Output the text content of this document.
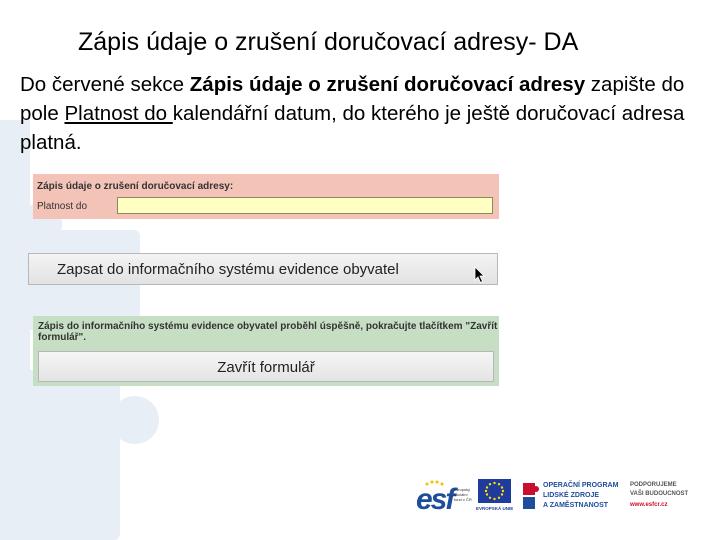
Zápis údaje o zrušení doručovací adresy- DA
Do červené sekce Zápis údaje o zrušení doručovací adresy zapište do pole Platnost do kalendářní datum, do kterého je ještě doručovací adresa platná.
Zápis údaje o zrušení doručovací adresy:
Platnost do
Zapsat do informačního systému evidence obyvatel
Zápis do informačního systému evidence obyvatel proběhl úspěšně, pokračujte tlačítkem "Zavřít formulář".
Zavřít formulář
esf evropský sociální fond v ČR
EVROPSKÁ UNIE
OPERAČNÍ PROGRAM
LIDSKÉ ZDROJE
A ZAMĚSTNANOST
PODPORUJEME
VAŠI BUDOUCNOST
www.esfcr.cz
